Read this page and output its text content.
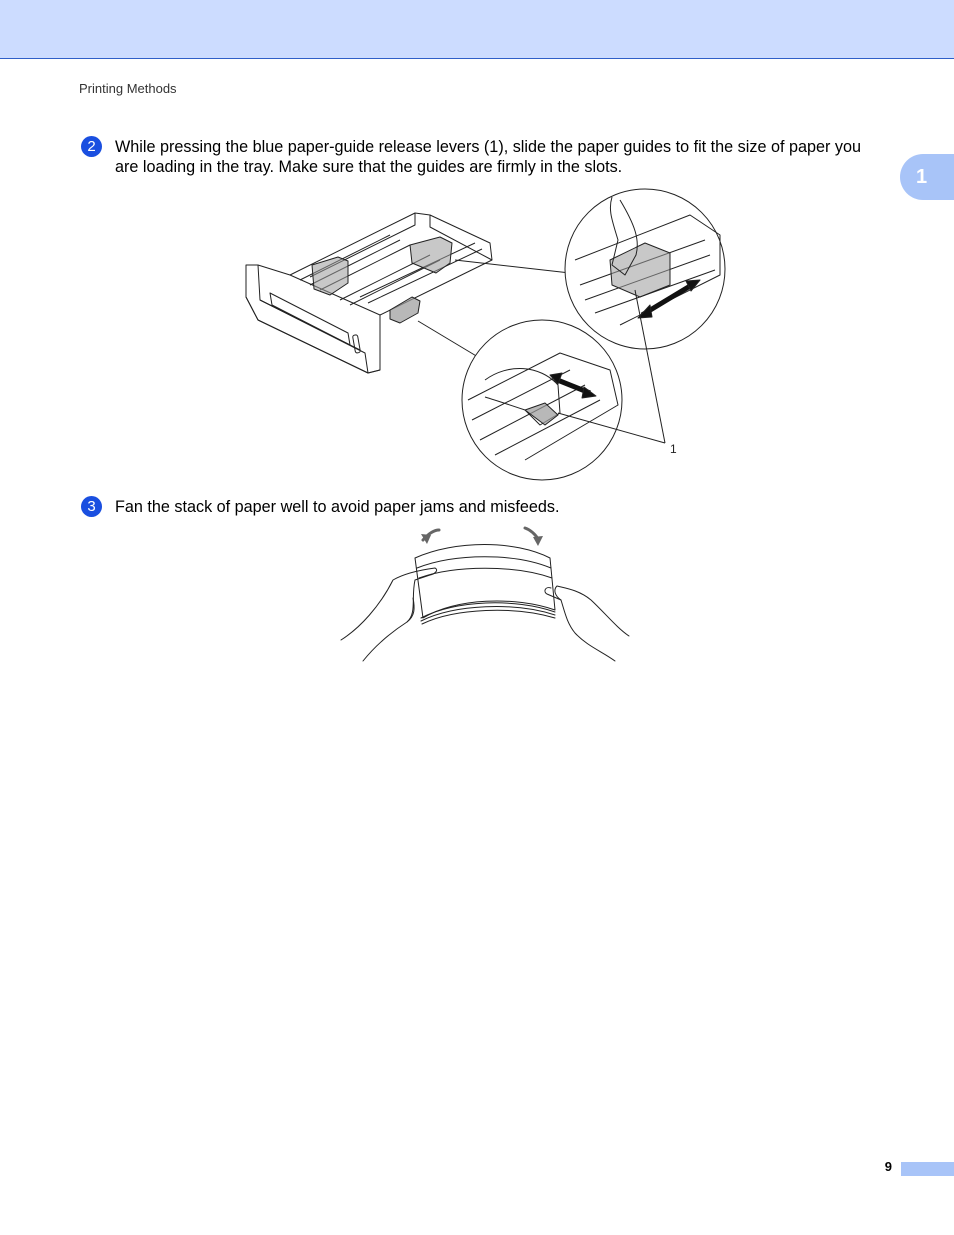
Printing Methods
1
2	While pressing the blue paper-guide release levers (1), slide the paper guides to fit the size of paper you
are loading in the tray. Make sure that the guides are firmly in the slots.
1
3	Fan the stack of paper well to avoid paper jams and misfeeds.
9
